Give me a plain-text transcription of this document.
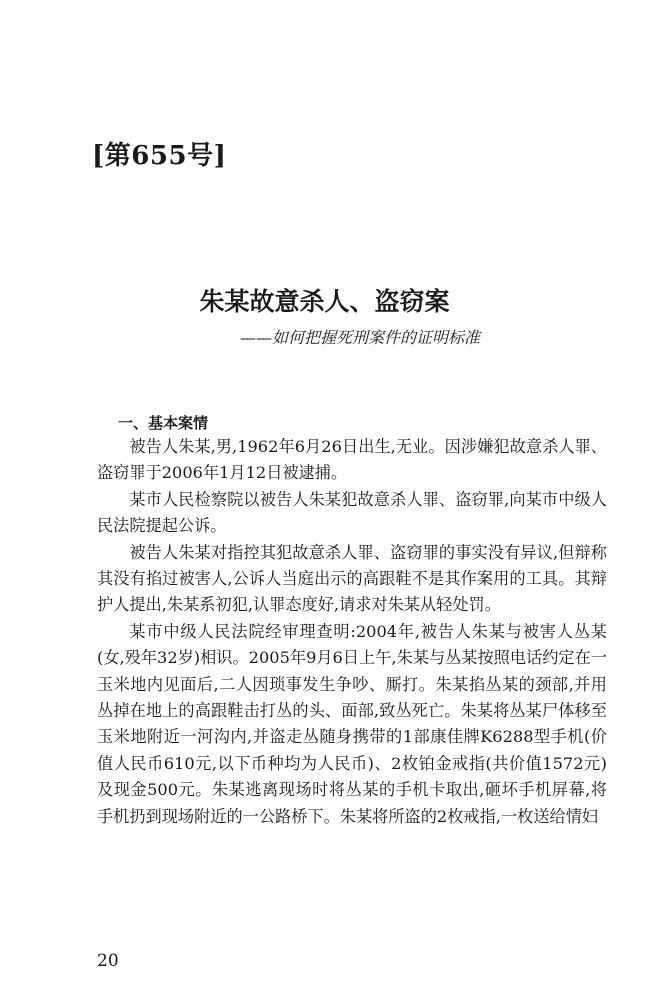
[第655号]
朱某故意杀人、盗窃案
——如何把握死刑案件的证明标准
一、基本案情

被告人朱某,男,1962年6月26日出生,无业。因涉嫌犯故意杀人罪、盗窃罪于2006年1月12日被逮捕。

某市人民检察院以被告人朱某犯故意杀人罪、盗窃罪,向某市中级人民法院提起公诉。

被告人朱某对指控其犯故意杀人罪、盗窃罪的事实没有异议,但辩称其没有掐过被害人,公诉人当庭出示的高跟鞋不是其作案用的工具。其辩护人提出,朱某系初犯,认罪态度好,请求对朱某从轻处罚。

某市中级人民法院经审理查明:2004年,被告人朱某与被害人丛某(女,殁年32岁)相识。2005年9月6日上午,朱某与丛某按照电话约定在一玉米地内见面后,二人因琐事发生争吵、厮打。朱某掐丛某的颈部,并用丛掉在地上的高跟鞋击打丛的头、面部,致丛死亡。朱某将丛某尸体移至玉米地附近一河沟内,并盗走丛随身携带的1部康佳牌K6288型手机(价值人民币610元,以下币种均为人民币)、2枚铂金戒指(共价值1572元)及现金500元。朱某逃离现场时将丛某的手机卡取出,砸坏手机屏幕,将手机扔到现场附近的一公路桥下。朱某将所盗的2枚戒指,一枚送给情妇

20
